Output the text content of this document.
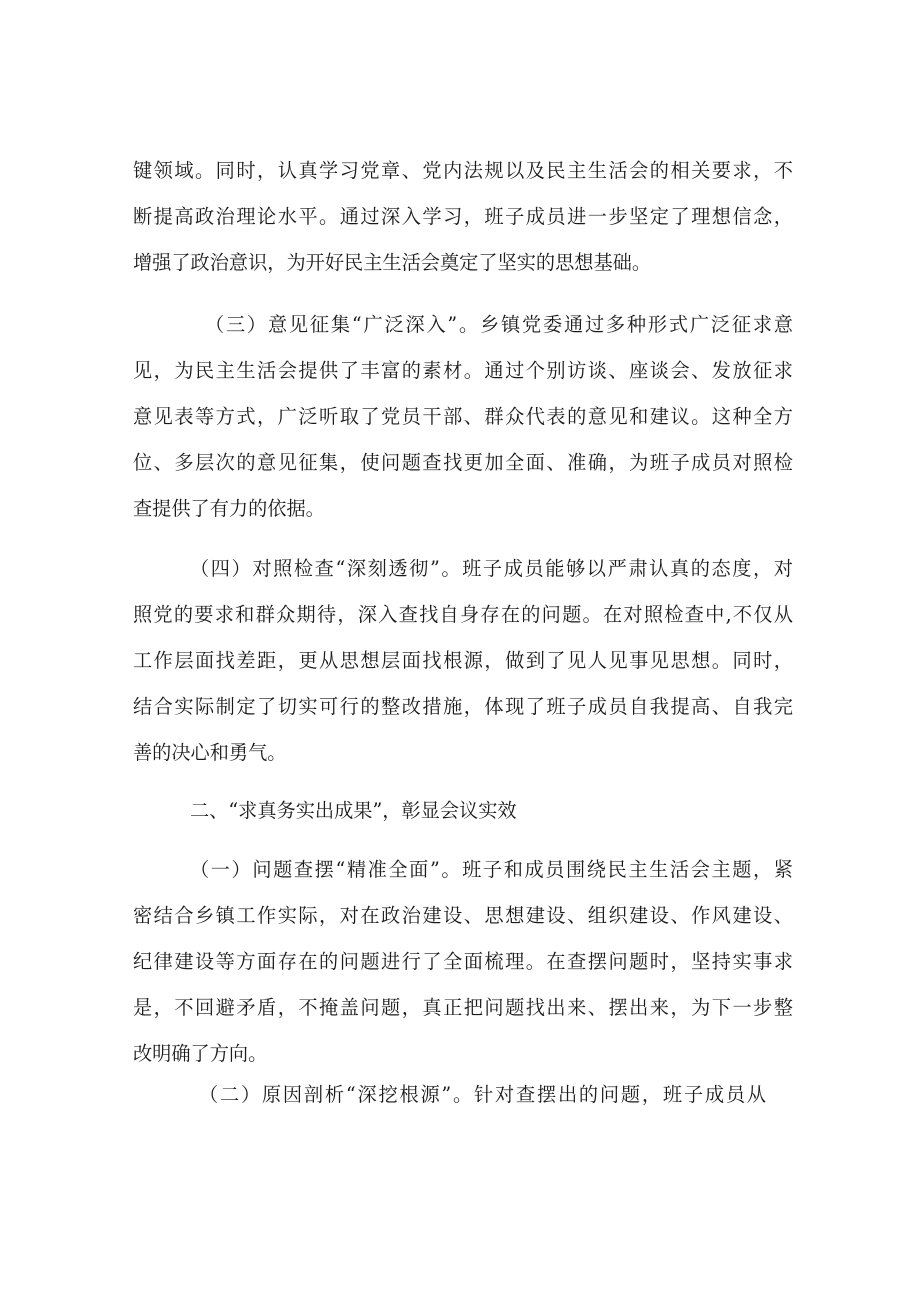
键领域。同时，认真学习党章、党内法规以及民主生活会的相关要求，不
断提高政治理论水平。通过深入学习，班子成员进一步坚定了理想信念，
增强了政治意识，为开好民主生活会奠定了坚实的思想基础。
（三）意见征集“广泛深入”。乡镇党委通过多种形式广泛征求意
见，为民主生活会提供了丰富的素材。通过个别访谈、座谈会、发放征求
意见表等方式，广泛听取了党员干部、群众代表的意见和建议。这种全方
位、多层次的意见征集，使问题查找更加全面、准确，为班子成员对照检
查提供了有力的依据。
（四）对照检查“深刻透彻”。班子成员能够以严肃认真的态度，对
照党的要求和群众期待，深入查找自身存在的问题。在对照检查中,不仅从
工作层面找差距，更从思想层面找根源，做到了见人见事见思想。同时，
结合实际制定了切实可行的整改措施，体现了班子成员自我提高、自我完
善的决心和勇气。
二、“求真务实出成果”，彰显会议实效
（一）问题查摆“精准全面”。班子和成员围绕民主生活会主题，紧
密结合乡镇工作实际，对在政治建设、思想建设、组织建设、作风建设、
纪律建设等方面存在的问题进行了全面梳理。在查摆问题时，坚持实事求
是，不回避矛盾，不掩盖问题，真正把问题找出来、摆出来，为下一步整
改明确了方向。
（二）原因剖析“深挖根源”。针对查摆出的问题，班子成员从
